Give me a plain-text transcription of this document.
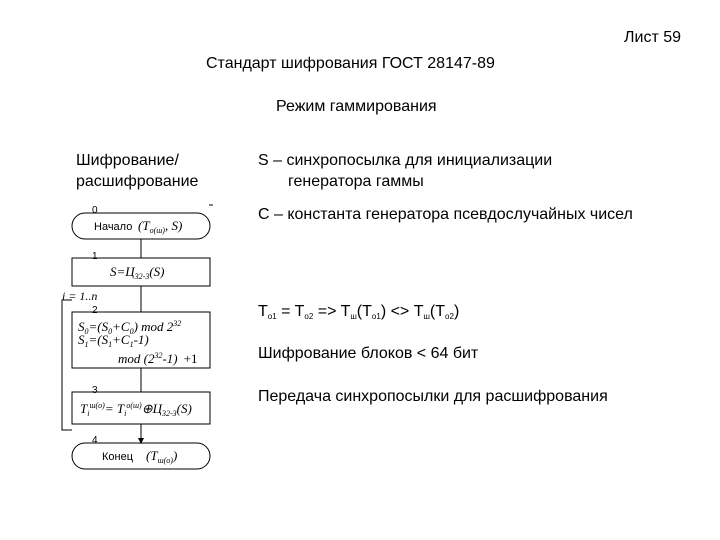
Лист 59
Стандарт шифрования ГОСТ 28147-89
Режим гаммирования
Шифрование/
расшифрование
S – синхропосылка для инициализации
генератора гаммы
С – константа генератора псевдослучайных чисел
$T_{o1} = T_{o2} => T_ш(T_{o1}) <> T_ш(T_{o2})$
Шифрование блоков < 64 бит
Передача синхропосылки для расшифрования
0
Начало ($T_{o(ш)}$, S)
1
$S=Ц_{32-3}(S)$
i = 1..n
2
$S_0=(S_0+C_0)$ mod $2^{32}$
$S_1=(S_1+C_1-1)$
mod $(2^{32}-1) +1$
3
$T_i^{ш(о)}=$ $T_i^{о(ш)}\oplus Ц_{32-3}(S)$
4
Конец $(T_{ш(о)})$
